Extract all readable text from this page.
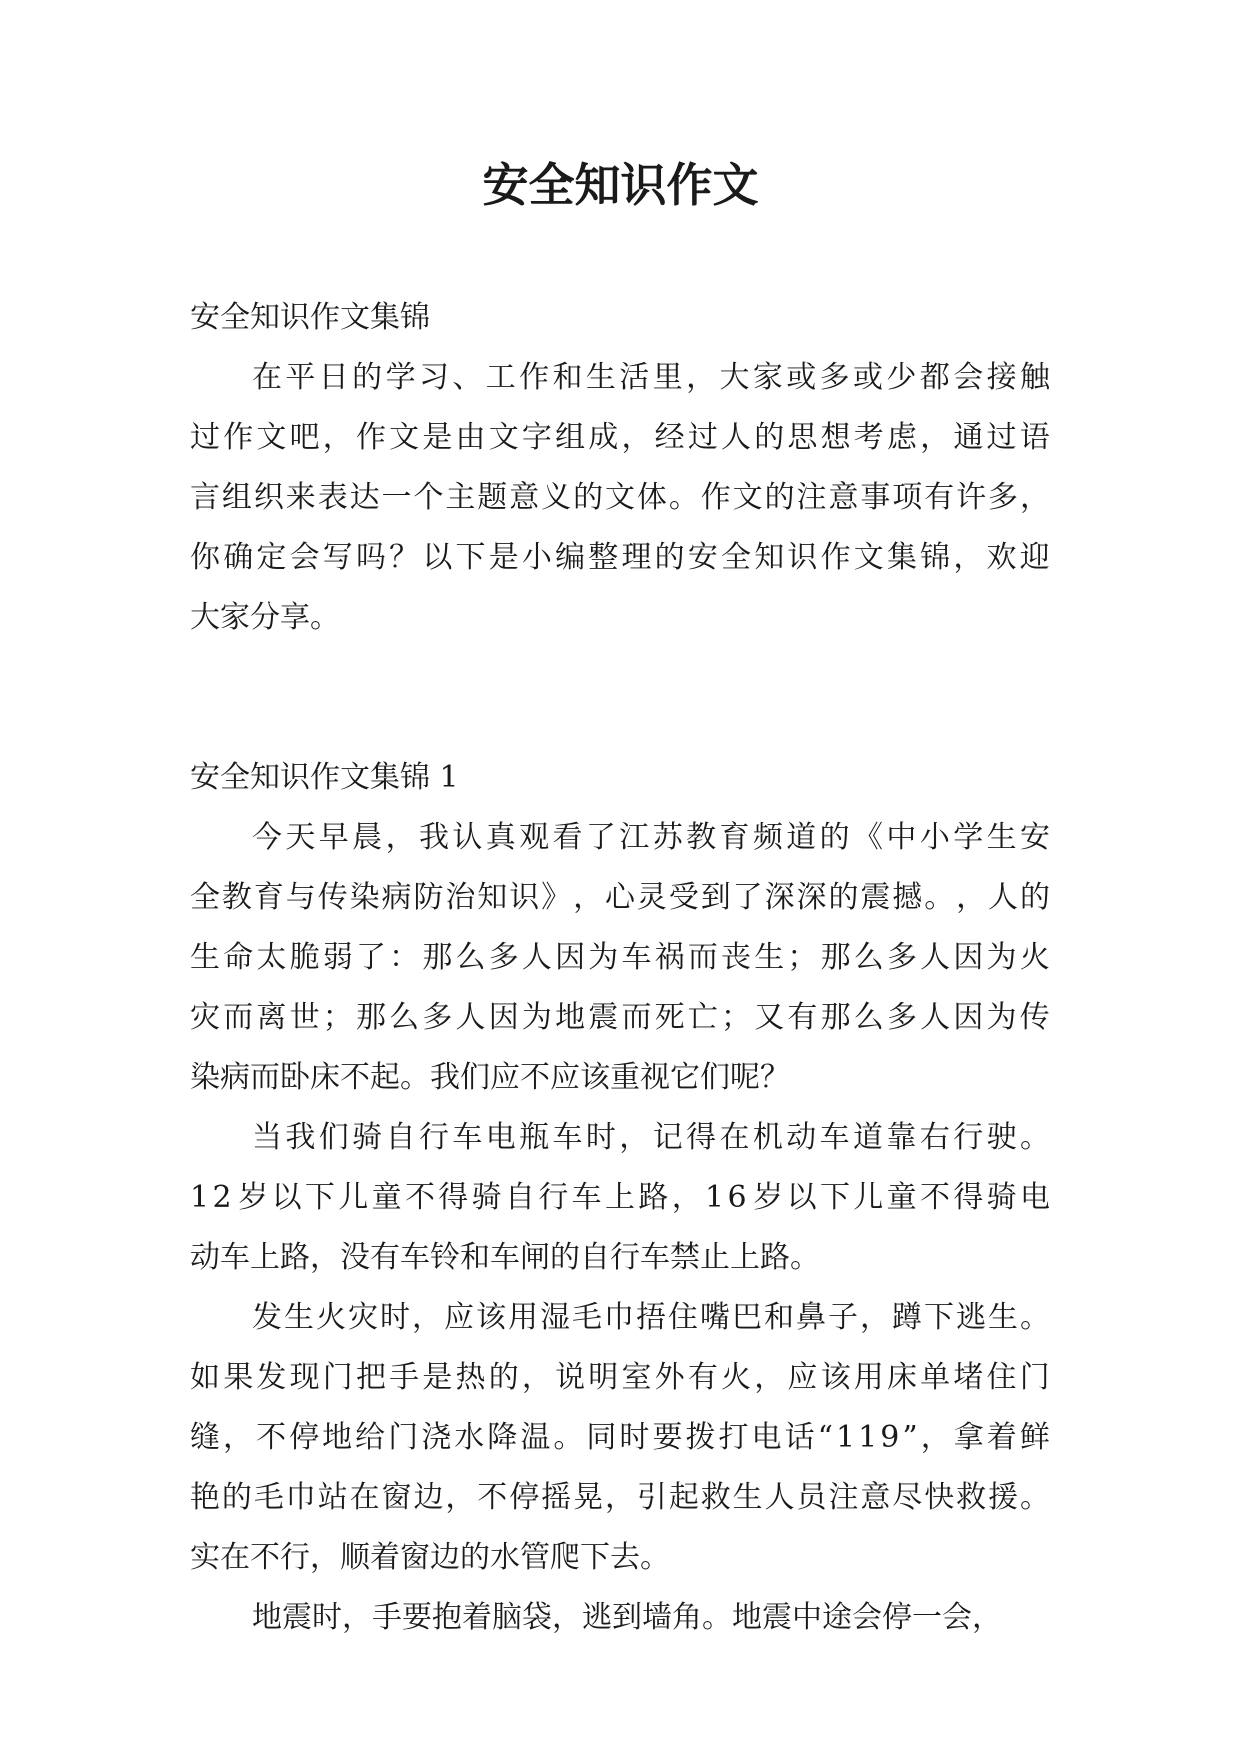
安全知识作文
安全知识作文集锦
在 平 日 的 学 习 、 工 作 和 生 活 里 ， 大 家 或 多 或 少 都 会 接 触
过 作 文 吧 ， 作 文 是 由 文 字 组 成 ， 经 过 人 的 思 想 考 虑 ， 通 过 语
言 组 织 来 表 达 一 个 主 题 意 义 的 文 体 。 作 文 的 注 意 事 项 有 许 多 ，
你 确 定 会 写 吗 ？ 以 下 是 小 编 整 理 的 安 全 知 识 作 文 集 锦 ， 欢 迎
大家分享。
安全知识作文集锦 1
今 天 早 晨 ， 我 认 真 观 看 了 江 苏 教 育 频 道 的 《 中 小 学 生 安
全 教 育 与 传 染 病 防 治 知 识 》 ， 心 灵 受 到 了 深 深 的 震 撼 。 ， 人 的
生 命 太 脆 弱 了 ： 那 么 多 人 因 为 车 祸 而 丧 生 ； 那 么 多 人 因 为 火
灾 而 离 世 ； 那 么 多 人 因 为 地 震 而 死 亡 ； 又 有 那 么 多 人 因 为 传
染病而卧床不起。我们应不应该重视它们呢？
当 我 们 骑 自 行 车 电 瓶 车 时 ， 记 得 在 机 动 车 道 靠 右 行 驶 。
1 2 岁 以 下 儿 童 不 得 骑 自 行 车 上 路 ， 1 6 岁 以 下 儿 童 不 得 骑 电
动车上路，没有车铃和车闸的自行车禁止上路。
发 生 火 灾 时 ， 应 该 用 湿 毛 巾 捂 住 嘴 巴 和 鼻 子 ， 蹲 下 逃 生 。
如 果 发 现 门 把 手 是 热 的 ， 说 明 室 外 有 火 ， 应 该 用 床 单 堵 住 门
缝 ， 不 停 地 给 门 浇 水 降 温 。 同 时 要 拨 打 电 话 “ 1 1 9 ” ， 拿 着 鲜
艳 的 毛 巾 站 在 窗 边 ， 不 停 摇 晃 ， 引 起 救 生 人 员 注 意 尽 快 救 援 。
实在不行，顺着窗边的水管爬下去。
地震时，手要抱着脑袋，逃到墙角。地震中途会停一会，
